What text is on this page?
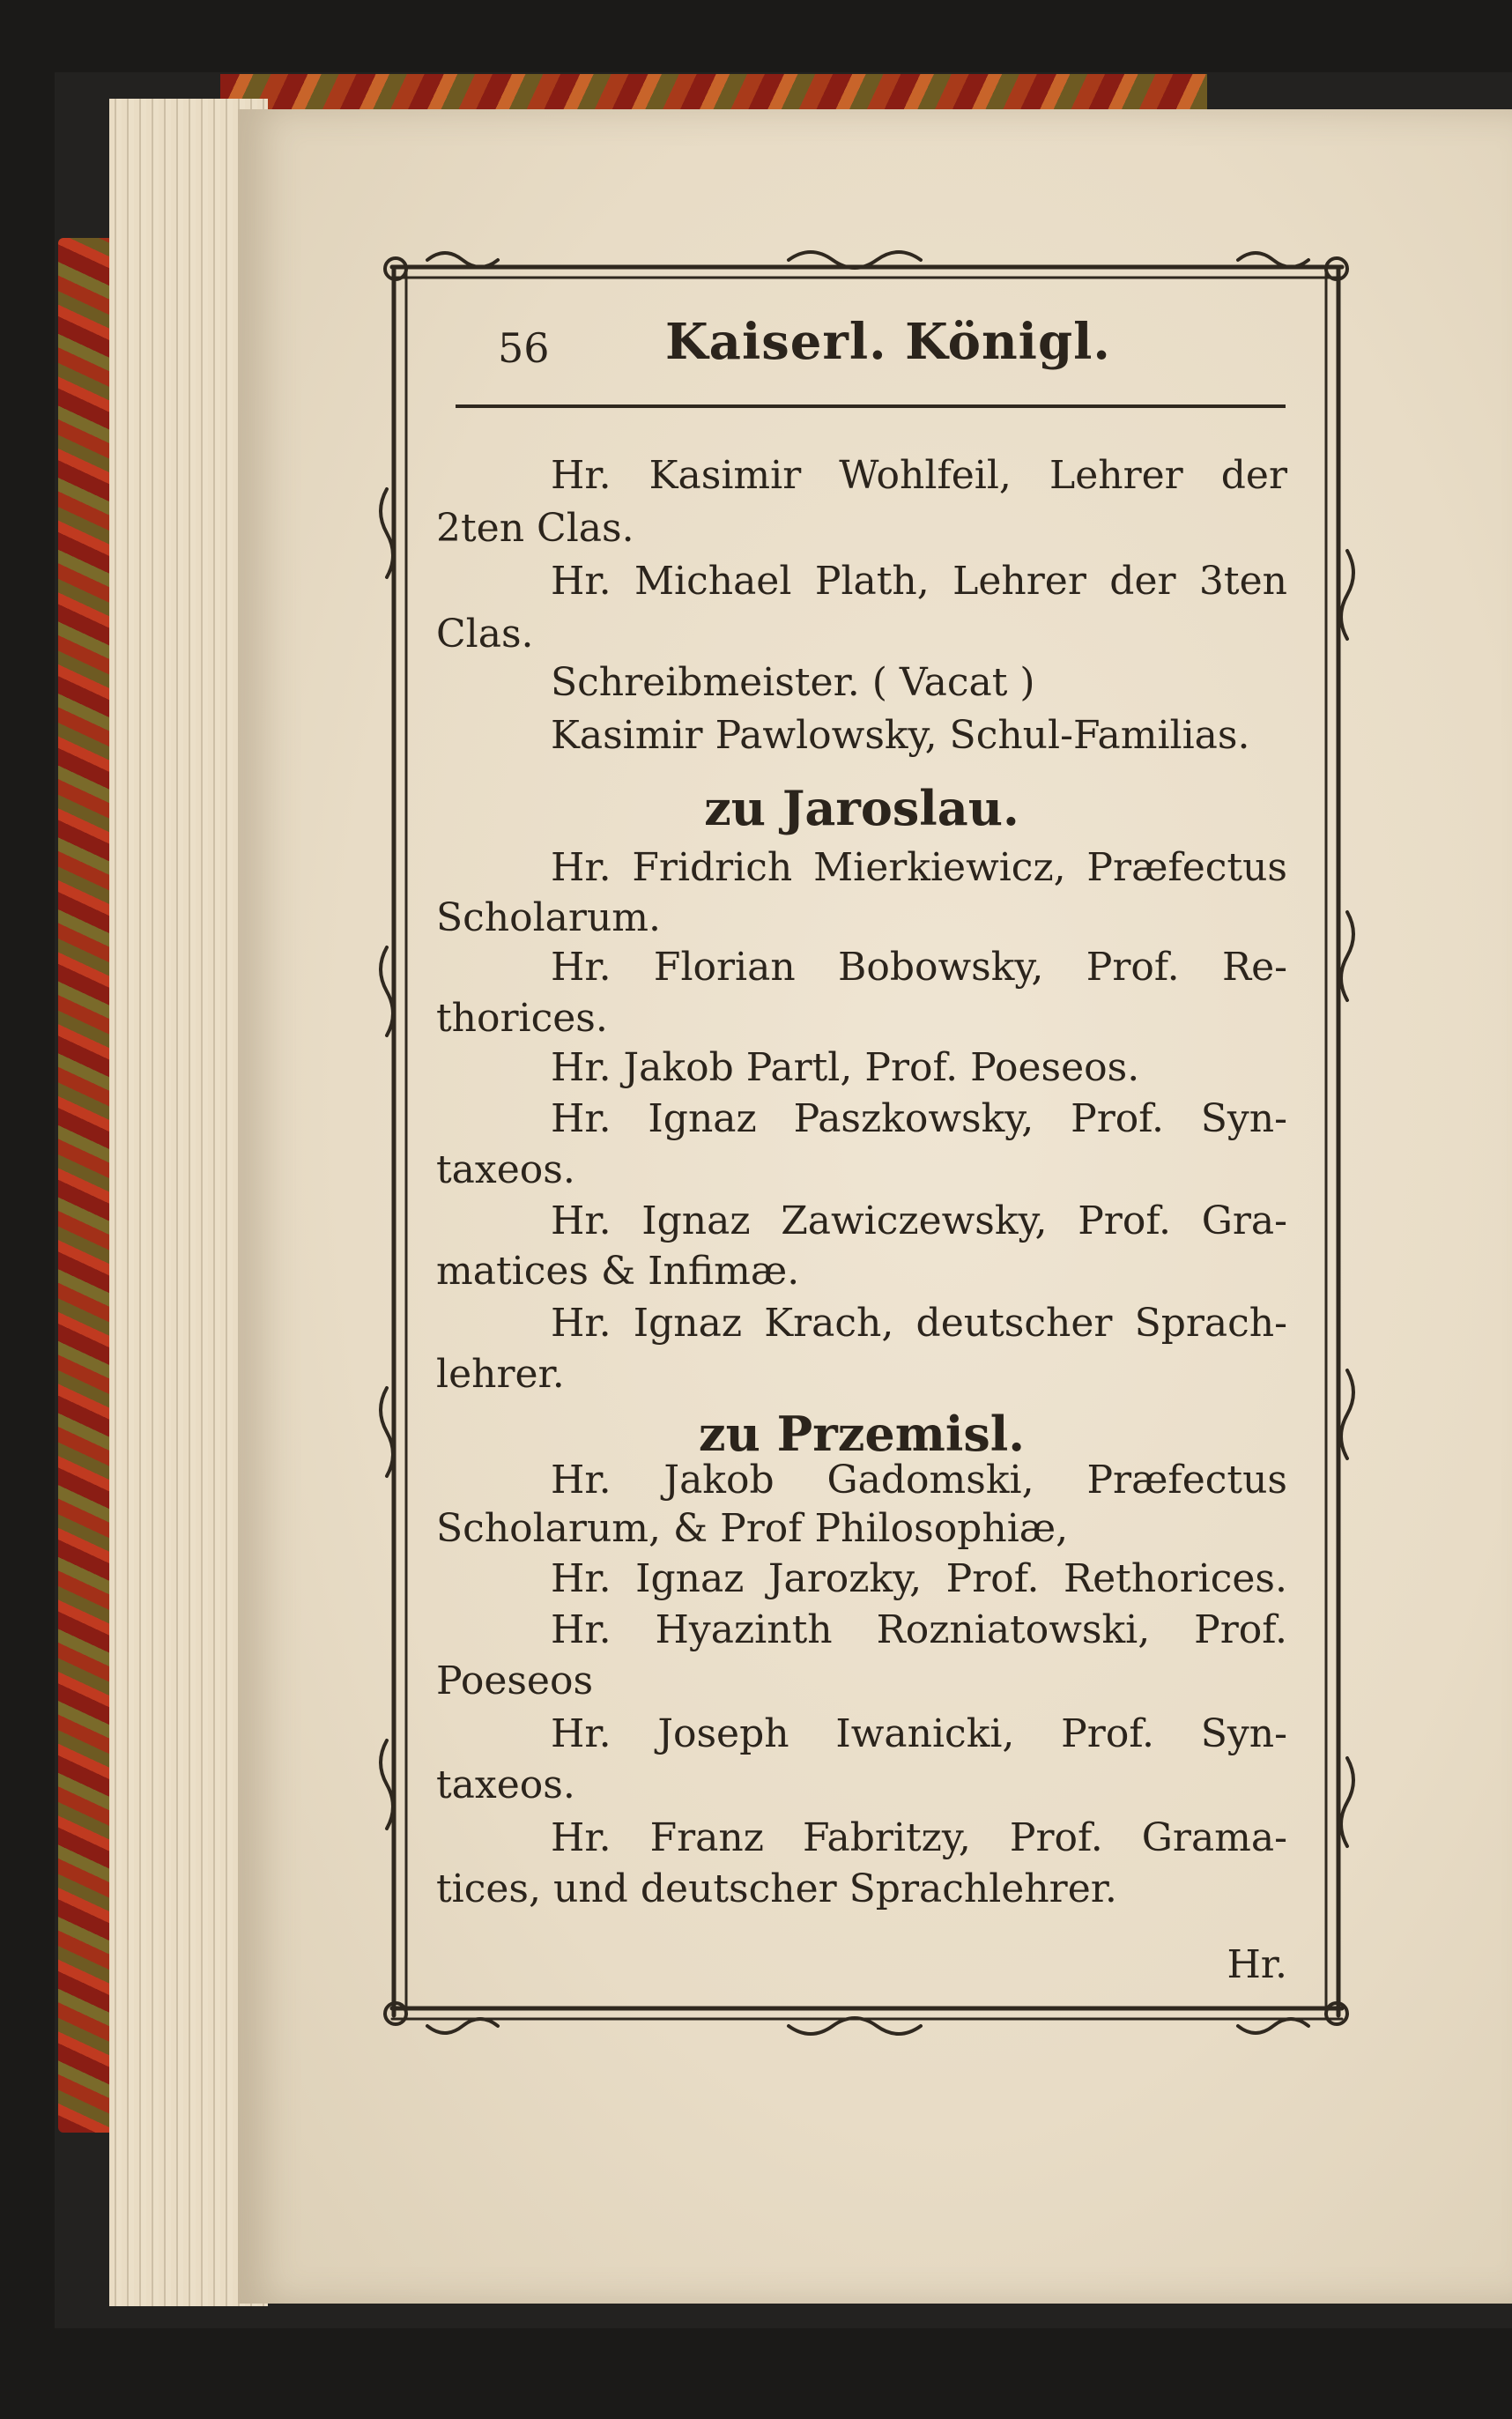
56 Kaiserl. Königl.
Hr. Kasimir Wohlfeil, Lehrer der
2ten Clas.
Hr. Michael Plath, Lehrer der 3ten
Clas.
Schreibmeister. ( Vacat )
Kasimir Pawlowsky, Schul-Familias.
zu Jaroslau.
Hr. Fridrich Mierkiewicz, Præfectus
Scholarum.
Hr. Florian Bobowsky, Prof. Re-
thorices.
Hr. Jakob Partl, Prof. Poeseos.
Hr. Ignaz Paszkowsky, Prof. Syn-
taxeos.
Hr. Ignaz Zawiczewsky, Prof. Gra-
matices & Infimæ.
Hr. Ignaz Krach, deutscher Sprach-
lehrer.
zu Przemisl.
Hr. Jakob Gadomski, Præfectus
Scholarum, & Prof Philosophiæ,
Hr. Ignaz Jarozky, Prof. Rethorices.
Hr. Hyazinth Rozniatowski, Prof.
Poeseos
Hr. Joseph Iwanicki, Prof. Syn-
taxeos.
Hr. Franz Fabritzy, Prof. Grama-
tices, und deutscher Sprachlehrer.
Hr.
